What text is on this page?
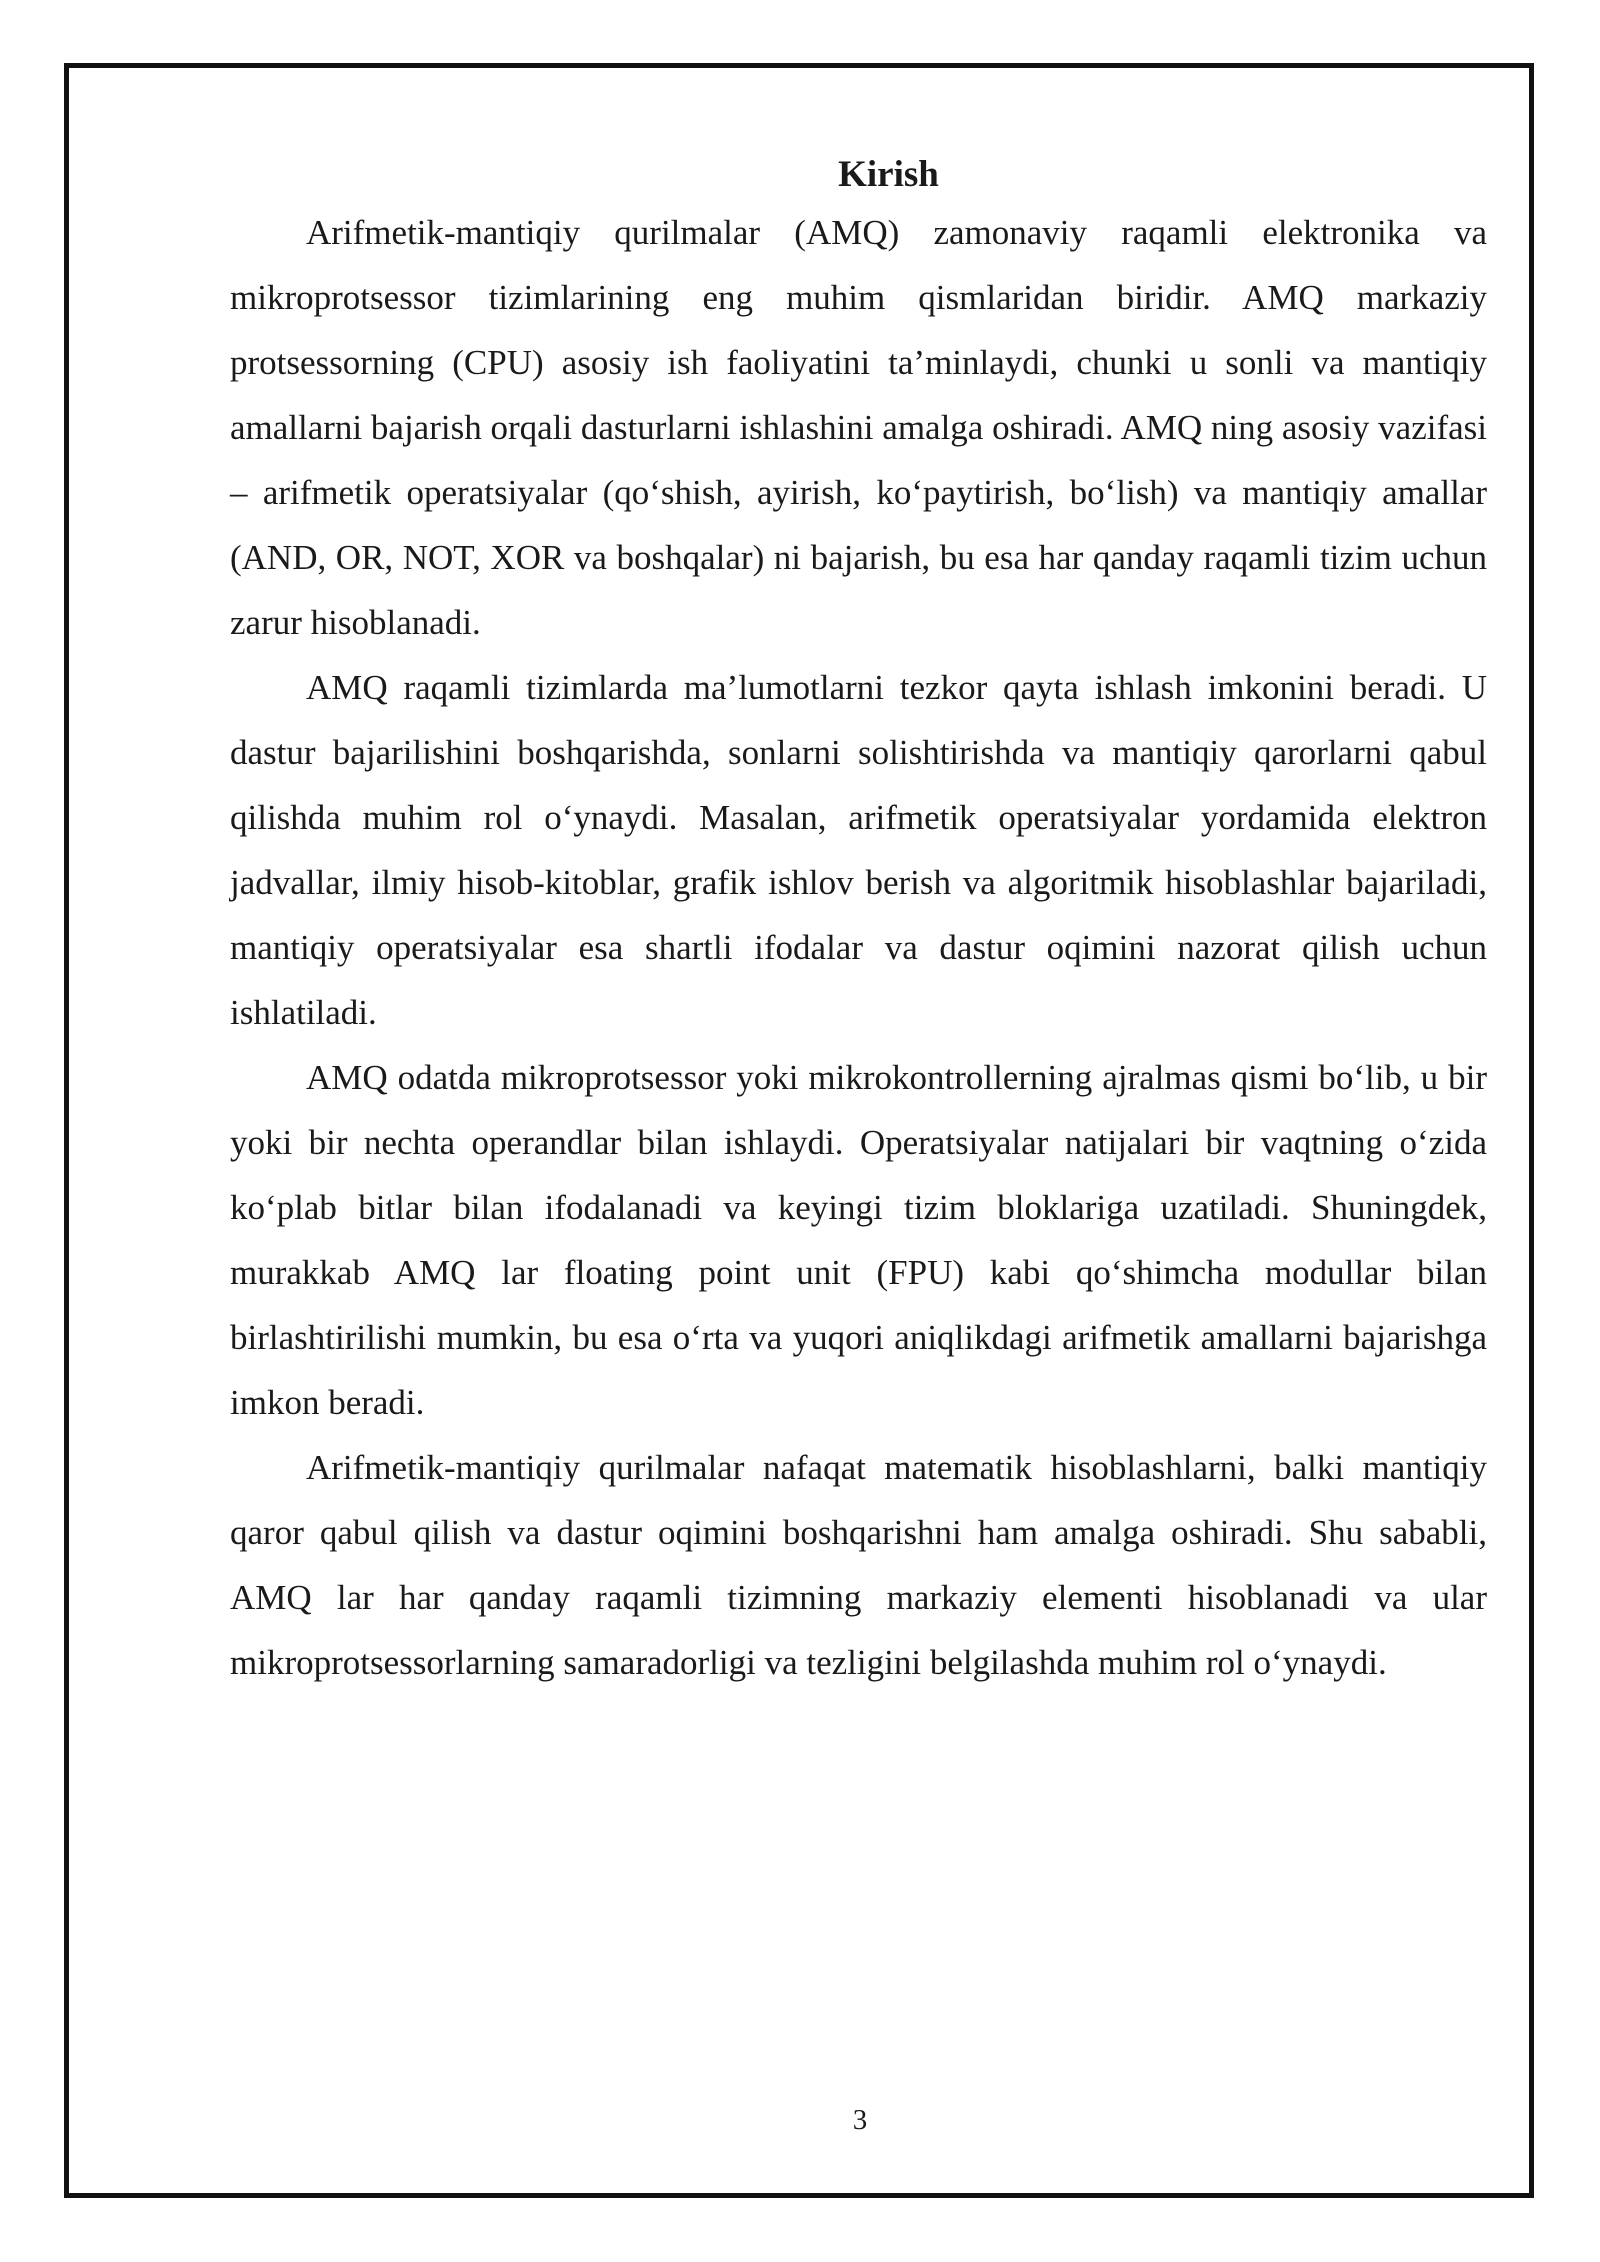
Kirish

Arifmetik-mantiqiy qurilmalar (AMQ) zamonaviy raqamli elektronika va mikroprotsessor tizimlarining eng muhim qismlaridan biridir. AMQ markaziy protsessorning (CPU) asosiy ish faoliyatini ta’minlaydi, chunki u sonli va mantiqiy amallarni bajarish orqali dasturlarni ishlashini amalga oshiradi. AMQ ning asosiy vazifasi – arifmetik operatsiyalar (qo‘shish, ayirish, ko‘paytirish, bo‘lish) va mantiqiy amallar (AND, OR, NOT, XOR va boshqalar) ni bajarish, bu esa har qanday raqamli tizim uchun zarur hisoblanadi.

AMQ raqamli tizimlarda ma’lumotlarni tezkor qayta ishlash imkonini beradi. U dastur bajarilishini boshqarishda, sonlarni solishtirishda va mantiqiy qarorlarni qabul qilishda muhim rol o‘ynaydi. Masalan, arifmetik operatsiyalar yordamida elektron jadvallar, ilmiy hisob-kitoblar, grafik ishlov berish va algoritmik hisoblashlar bajariladi, mantiqiy operatsiyalar esa shartli ifodalar va dastur oqimini nazorat qilish uchun ishlatiladi.

AMQ odatda mikroprotsessor yoki mikrokontrollerning ajralmas qismi bo‘lib, u bir yoki bir nechta operandlar bilan ishlaydi. Operatsiyalar natijalari bir vaqtning o‘zida ko‘plab bitlar bilan ifodalanadi va keyingi tizim bloklariga uzatiladi. Shuningdek, murakkab AMQ lar floating point unit (FPU) kabi qo‘shimcha modullar bilan birlashtirilishi mumkin, bu esa o‘rta va yuqori aniqlikdagi arifmetik amallarni bajarishga imkon beradi.

Arifmetik-mantiqiy qurilmalar nafaqat matematik hisoblashlarni, balki mantiqiy qaror qabul qilish va dastur oqimini boshqarishni ham amalga oshiradi. Shu sababli, AMQ lar har qanday raqamli tizimning markaziy elementi hisoblanadi va ular mikroprotsessorlarning samaradorligi va tezligini belgilashda muhim rol o‘ynaydi.

3
